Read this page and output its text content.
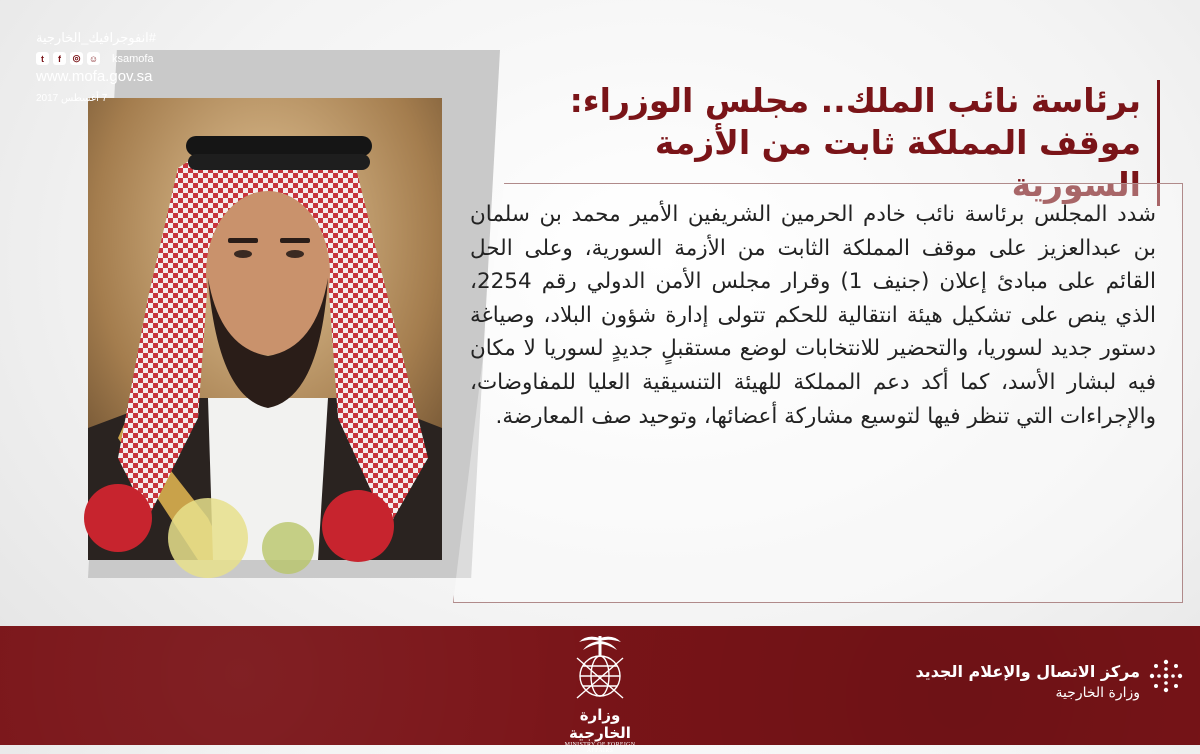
برئاسة نائب الملك.. مجلس الوزراء:
موقف المملكة ثابت من الأزمة السورية

شدد المجلس برئاسة نائب خادم الحرمين الشريفين الأمير محمد بن سلمان بن عبدالعزيز على موقف المملكة الثابت من الأزمة السورية، وعلى الحل القائم على مبادئ إعلان (جنيف 1) وقرار مجلس الأمن الدولي رقم 2254، الذي ينص على تشكيل هيئة انتقالية للحكم تتولى إدارة شؤون البلاد، وصياغة دستور جديد لسوريا، والتحضير للانتخابات لوضع مستقبلٍ جديدٍ لسوريا لا مكان فيه لبشار الأسد، كما أكد دعم المملكة للهيئة التنسيقية العليا للمفاوضات، والإجراءات التي تنظر فيها لتوسيع مشاركة أعضائها، وتوحيد صف المعارضة.

#انفوجرافيك_الخارجية
t	f	◎ ☺ ksamofa
www.mofa.gov.sa
7 أغسطس 2017
وزارة الخارجية
MINISTRY OF FOREIGN AFFAIRS
مركز الاتصال والإعلام الجديد
وزارة الخارجية
